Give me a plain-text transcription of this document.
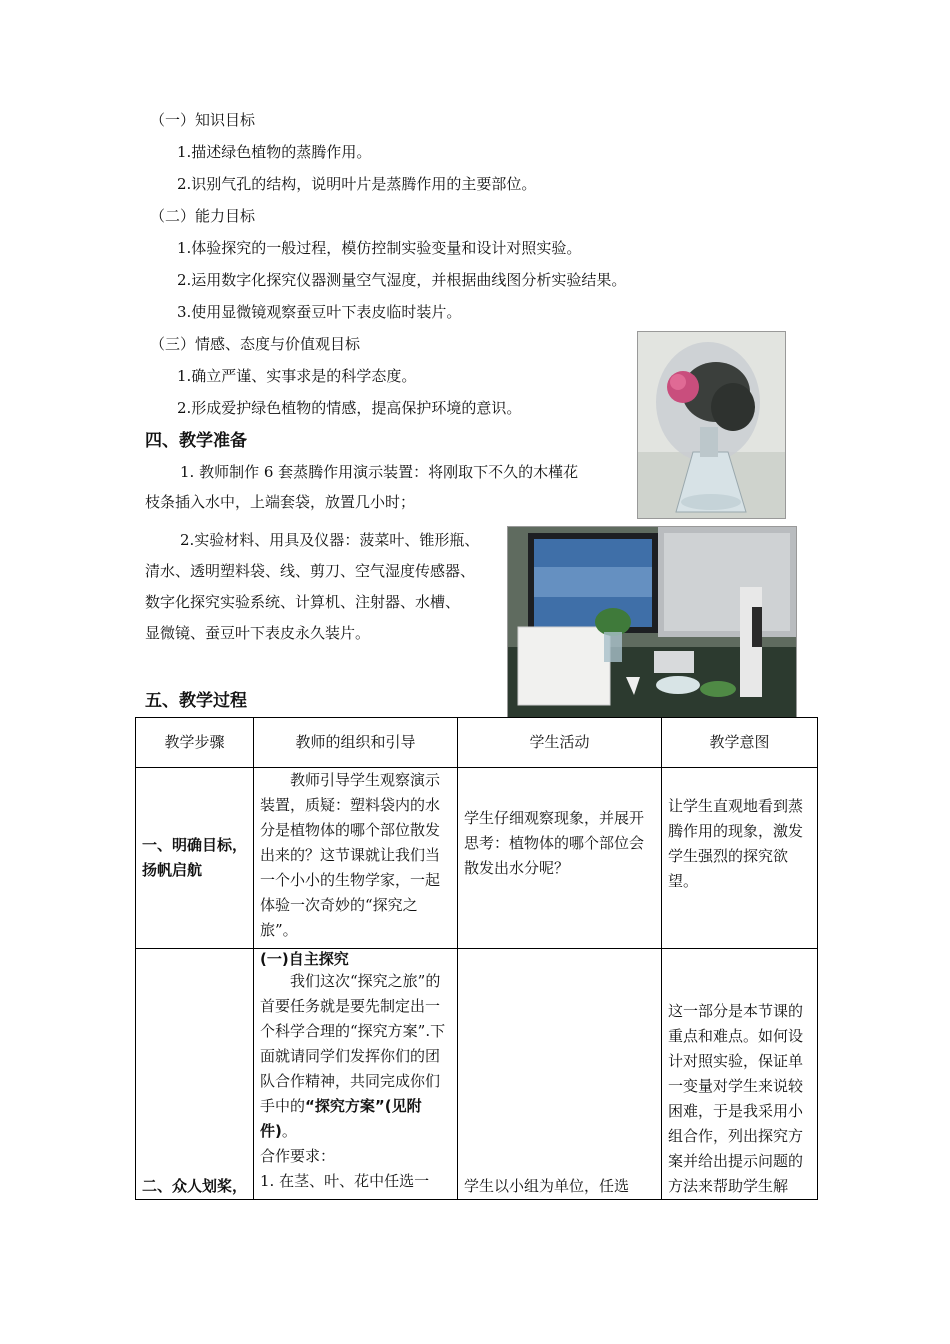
（一）知识目标
1.描述绿色植物的蒸腾作用。
2.识别气孔的结构，说明叶片是蒸腾作用的主要部位。
（二）能力目标
1.体验探究的一般过程，模仿控制实验变量和设计对照实验。
2.运用数字化探究仪器测量空气湿度，并根据曲线图分析实验结果。
3.使用显微镜观察蚕豆叶下表皮临时装片。
（三）情感、态度与价值观目标
1.确立严谨、实事求是的科学态度。
2.形成爱护绿色植物的情感，提高保护环境的意识。
四、教学准备
1. 教师制作 6 套蒸腾作用演示装置：将刚取下不久的木槿花
枝条插入水中，上端套袋，放置几小时；
2.实验材料、用具及仪器：菠菜叶、锥形瓶、
清水、透明塑料袋、线、剪刀、空气湿度传感器、
数字化探究实验系统、计算机、注射器、水槽、
显微镜、蚕豆叶下表皮永久装片。
五、教学过程
教学步骤	教师的组织和引导	学生活动	教学意图

一、明确目标，
扬帆启航	教师引导学生观察演示装置，质疑：塑料袋内的水分是植物体的哪个部位散发出来的？这节课就让我们当一个小小的生物学家，一起体验一次奇妙的“探究之旅”。	学生仔细观察现象，并展开思考：植物体的哪个部位会散发出水分呢？	让学生直观地看到蒸腾作用的现象，激发学生强烈的探究欲望。

二、众人划桨，	(一)自主探究
我们这次“探究之旅”的首要任务就是要先制定出一个科学合理的“探究方案”.下面就请同学们发挥你们的团队合作精神，共同完成你们手中的“探究方案”(见附件)。
合作要求：
1. 在茎、叶、花中任选一	学生以小组为单位，任选	这一部分是本节课的重点和难点。如何设计对照实验，保证单一变量对学生来说较困难，于是我采用小组合作，列出探究方案并给出提示问题的方法来帮助学生解
